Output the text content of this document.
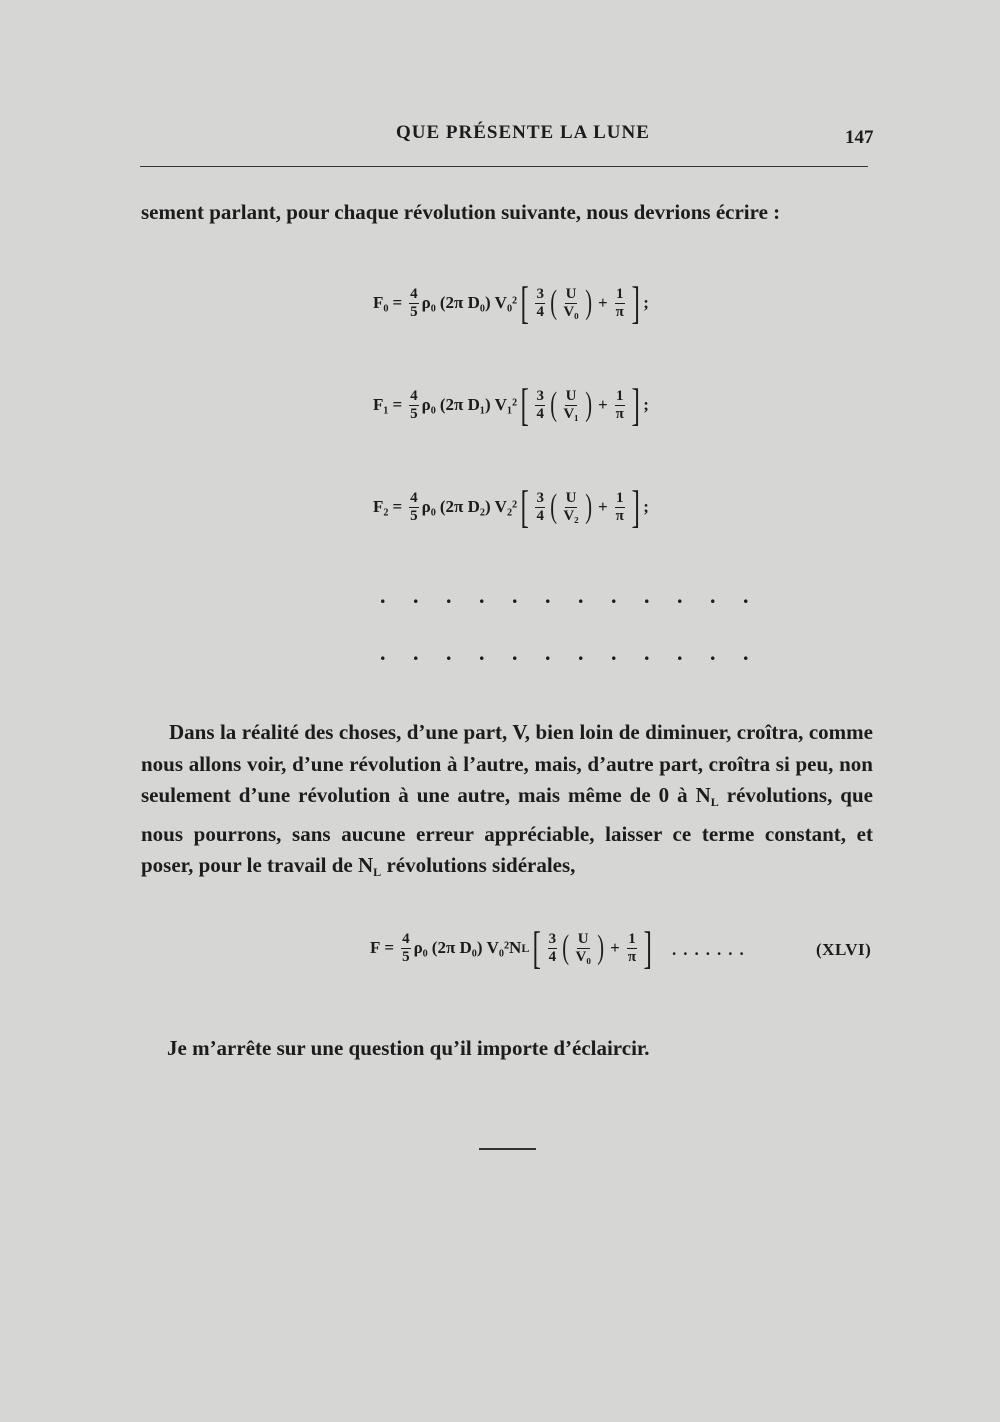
QUE PRÉSENTE LA LUNE	147
sement parlant, pour chaque révolution suivante, nous devrions écrire :
$F_0 = \frac{4}{5} \rho_0$ ( 2π
D₀ ) V₀² [ $\frac{3}{4}$ ( $\frac{U}{\text{V₀}}$ ) + $\frac{1}{\pi}$ ] ;
$F_1 = \frac{4}{5} \rho_0$ ( 2π
D₁ ) V₁² [ $\frac{3}{4}$ ( $\frac{U}{\text{V₁}}$ ) + $\frac{1}{\pi}$ ] ;
$F_2 = \frac{4}{5} \rho_0$ ( 2π
D₂ ) V₂² [ $\frac{3}{4}$ ( $\frac{U}{\text{V₂}}$ ) + $\frac{1}{\pi}$ ] ;
. . . . . . . . . . . .
. . . . . . . . . . . .
Dans la réalité des choses, d’une part, V, bien loin de diminuer, croîtra, comme nous allons voir, d’une révolution à l’autre, mais, d’autre part, croîtra si peu, non seulement d’une révolution à une autre, mais même de 0 à $N_L$ révolutions, que nous pourrons, sans aucune erreur appréciable, laisser ce terme constant, et poser, pour le travail de $N_L$ révolutions sidérales,
$F = \frac{4}{5} \rho_0$ ( 2π
D₀ ) V₀²N L [ $\frac{3}{4}$ ( $\frac{U}{\text{V₀}}$ ) + $\frac{1}{\pi}$ ] .......	(XLVI)
Je m’arrête sur une question qu’il importe d’éclaircir.
